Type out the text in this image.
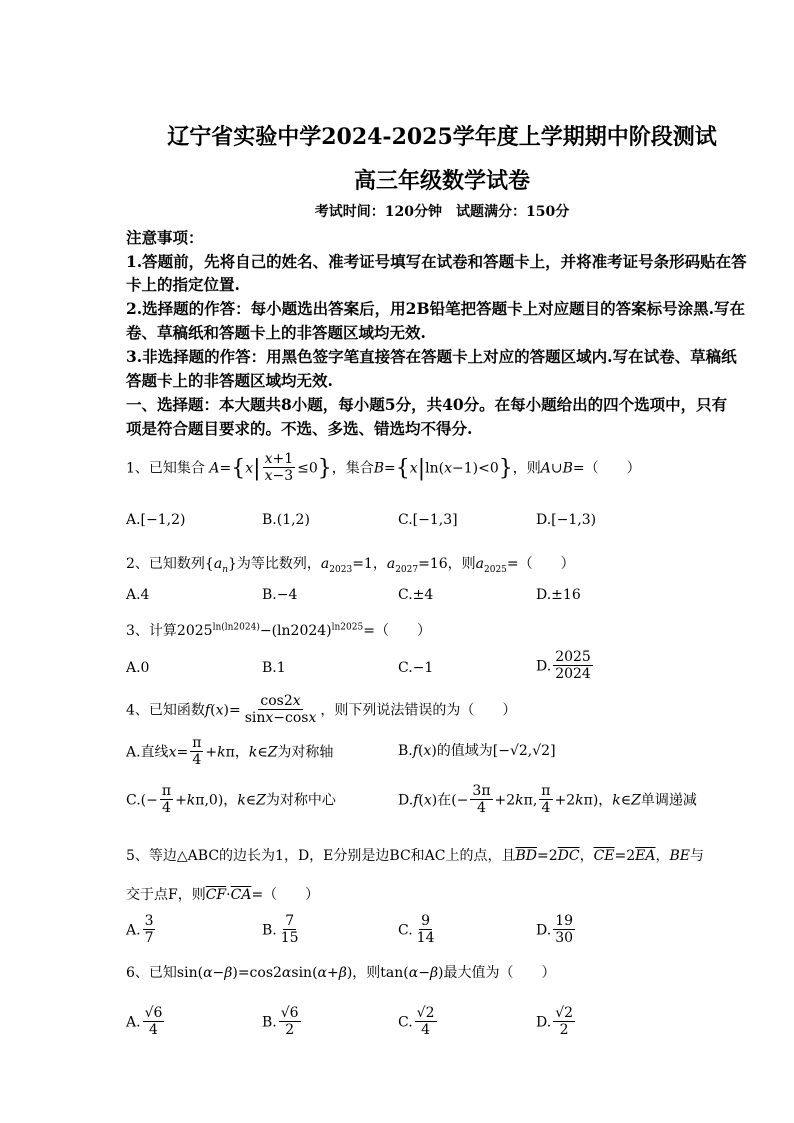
辽宁省实验中学2024-2025学年度上学期期中阶段测试
高三年级数学试卷
考试时间：120分钟　试题满分：150分
注意事项：
1.答题前，先将自己的姓名、准考证号填写在试卷和答题卡上，并将准考证号条形码贴在答
卡上的指定位置.
2.选择题的作答：每小题选出答案后，用2B铅笔把答题卡上对应题目的答案标号涂黑.写在
卷、草稿纸和答题卡上的非答题区域均无效.
3.非选择题的作答：用黑色签字笔直接答在答题卡上对应的答题区域内.写在试卷、草稿纸
答题卡上的非答题区域均无效.
一、选择题：本大题共8小题，每小题5分，共40分。在每小题给出的四个选项中，只有
项是符合题目要求的。不选、多选、错选均不得分.
1、已知集合 $A=\{x| \frac{x+1}{x-3} \le 0\}$，集合B={x|ln(x−1)<0}，则A∪B=（　　）
A.[−1,2)	B.(1,2)	C.[−1,3]	D.[−1,3)
2、已知数列$\{a_n\}$为等比数列，$a_{2023}=1$，$a_{2027}=16$，则$a_{2025}=$（　　）
A.4	B.−4	C.±4	D.±16
3、计算$2025^{ln(ln2024)}-(\ln 2024)^{ln2025}=$（　　）
A.0	B.1	C.−1	D. $\frac{2025}{2024}$
4、已知函数$f(x)= \frac{\cos 2x}{\sin x-\cos x}$ ，则下列说法错误的为（　　）
A.直线$x= \frac{\pi}{4} +k\pi$，k∈Z为对称轴	B.f(x)的值域为[−√2,√2]
$C.(- \frac{\pi}{4} +k\pi,0)$，k∈Z为对称中心	D.f(x)在(− $\frac{3\pi}{4} +2k\pi$, $\frac{\pi}{4} +2k\pi$)，k∈Z单调递减
5、等边△ABC的边长为1，D，E分别是边BC和AC上的点，且$\overline{BD}=2\overline{DC}$，$\overline{CE}=2\overline{EA}$，BE与
交于点F，则$\overline{CF}\cdot\overline{CA}=$（　　）
A. $\frac{3}{7}$	B. $\frac{7}{15}$	C. $\frac{9}{14}$	D. $\frac{19}{30}$
6、已知sin(α−β)=cos2αsin(α+β)，则tan(α−β)最大值为（　　）
A. $\frac{√6}{4}$	B. $\frac{√6}{2}$	C. $\frac{√2}{4}$	D. $\frac{√2}{2}$
